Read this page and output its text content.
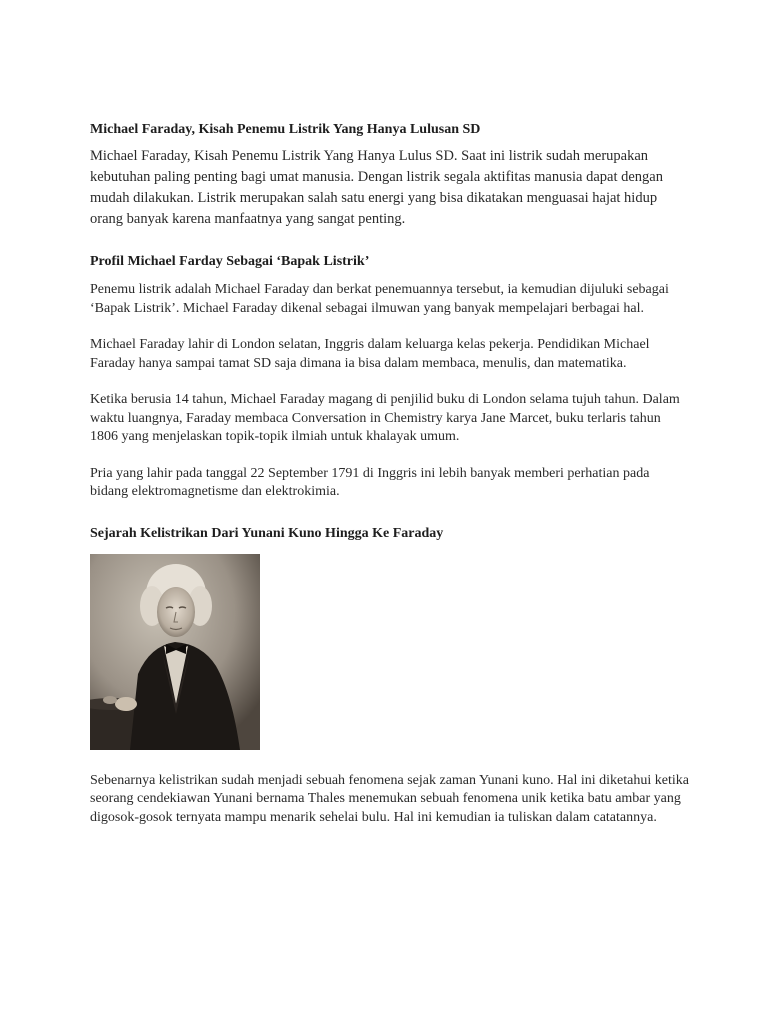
Michael Faraday, Kisah Penemu Listrik Yang Hanya Lulusan SD

Michael Faraday, Kisah Penemu Listrik Yang Hanya Lulus SD. Saat ini listrik sudah merupakan kebutuhan paling penting bagi umat manusia. Dengan listrik segala aktifitas manusia dapat dengan mudah dilakukan. Listrik merupakan salah satu energi yang bisa dikatakan menguasai hajat hidup orang banyak karena manfaatnya yang sangat penting.

Profil Michael Farday Sebagai ‘Bapak Listrik’

Penemu listrik adalah Michael Faraday dan berkat penemuannya tersebut, ia kemudian dijuluki sebagai ‘Bapak Listrik’. Michael Faraday dikenal sebagai ilmuwan yang banyak mempelajari berbagai hal.

Michael Faraday lahir di London selatan, Inggris dalam keluarga kelas pekerja. Pendidikan Michael Faraday hanya sampai tamat SD saja dimana ia bisa dalam membaca, menulis, dan matematika.

Ketika berusia 14 tahun, Michael Faraday magang di penjilid buku di London selama tujuh tahun. Dalam waktu luangnya, Faraday membaca Conversation in Chemistry karya Jane Marcet, buku terlaris tahun 1806 yang menjelaskan topik-topik ilmiah untuk khalayak umum.

Pria yang lahir pada tanggal 22 September 1791 di Inggris ini lebih banyak memberi perhatian pada bidang elektromagnetisme dan elektrokimia.

Sejarah Kelistrikan Dari Yunani Kuno Hingga Ke Faraday

Sebenarnya kelistrikan sudah menjadi sebuah fenomena sejak zaman Yunani kuno. Hal ini diketahui ketika seorang cendekiawan Yunani bernama Thales menemukan sebuah fenomena unik ketika batu ambar yang digosok-gosok ternyata mampu menarik sehelai bulu. Hal ini kemudian ia tuliskan dalam catatannya.
